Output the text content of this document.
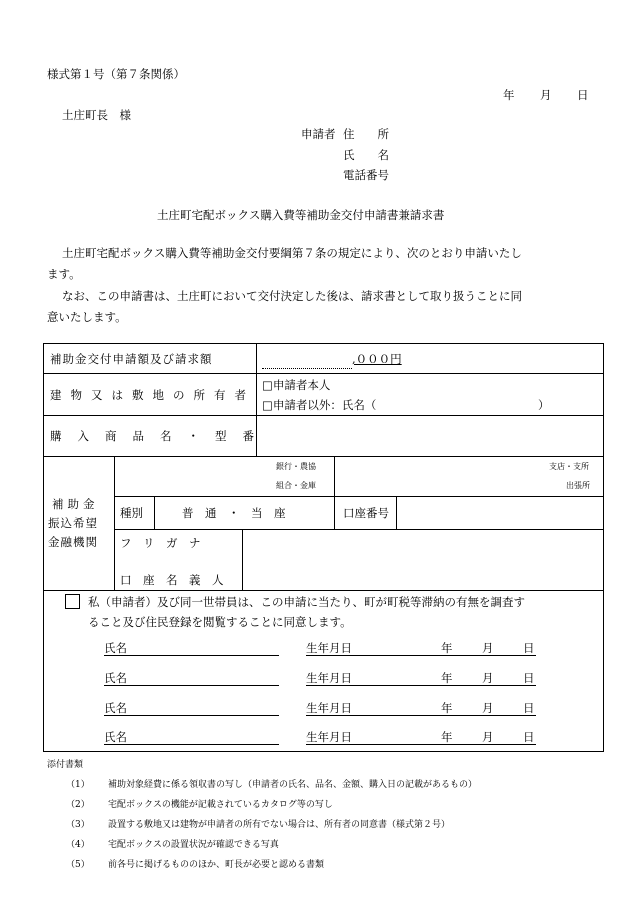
様式第１号（第７条関係）
年 月 日
土庄町長　様
申請者 住　　所
氏　　名
電話番号
土庄町宅配ボックス購入費等補助金交付申請書兼請求書
土庄町宅配ボックス購入費等補助金交付要綱第７条の規定により、次のとおり申請いたし
ます。
なお、この申請書は、土庄町において交付決定した後は、請求書として取り扱うことに同
意いたします。
補助金交付申請額及び請求額	,０００円
建物又は敷地の所有者
□申請者本人
□申請者以外：氏名（	）
購入商品名・型番
補助金
振込希望
金融機関
銀行・農協
組合・金庫
支店・支所
出張所
種別	普　通　・　当　座	口座番号
フ　リ　ガ　ナ
口　座　名　義　人
私（申請者）及び同一世帯員は、この申請に当たり、町が町税等滞納の有無を調査す
ること及び住民登録を閲覧することに同意します。
氏名	生年月日	年	月	日
氏名	生年月日	年	月	日
氏名	生年月日	年	月	日
氏名	生年月日	年	月	日
添付書類
（1） 補助対象経費に係る領収書の写し（申請者の氏名、品名、金額、購入日の記載があるもの）
（2） 宅配ボックスの機能が記載されているカタログ等の写し
（3） 設置する敷地又は建物が申請者の所有でない場合は、所有者の同意書（様式第２号）
（4） 宅配ボックスの設置状況が確認できる写真
（5） 前各号に掲げるもののほか、町長が必要と認める書類
